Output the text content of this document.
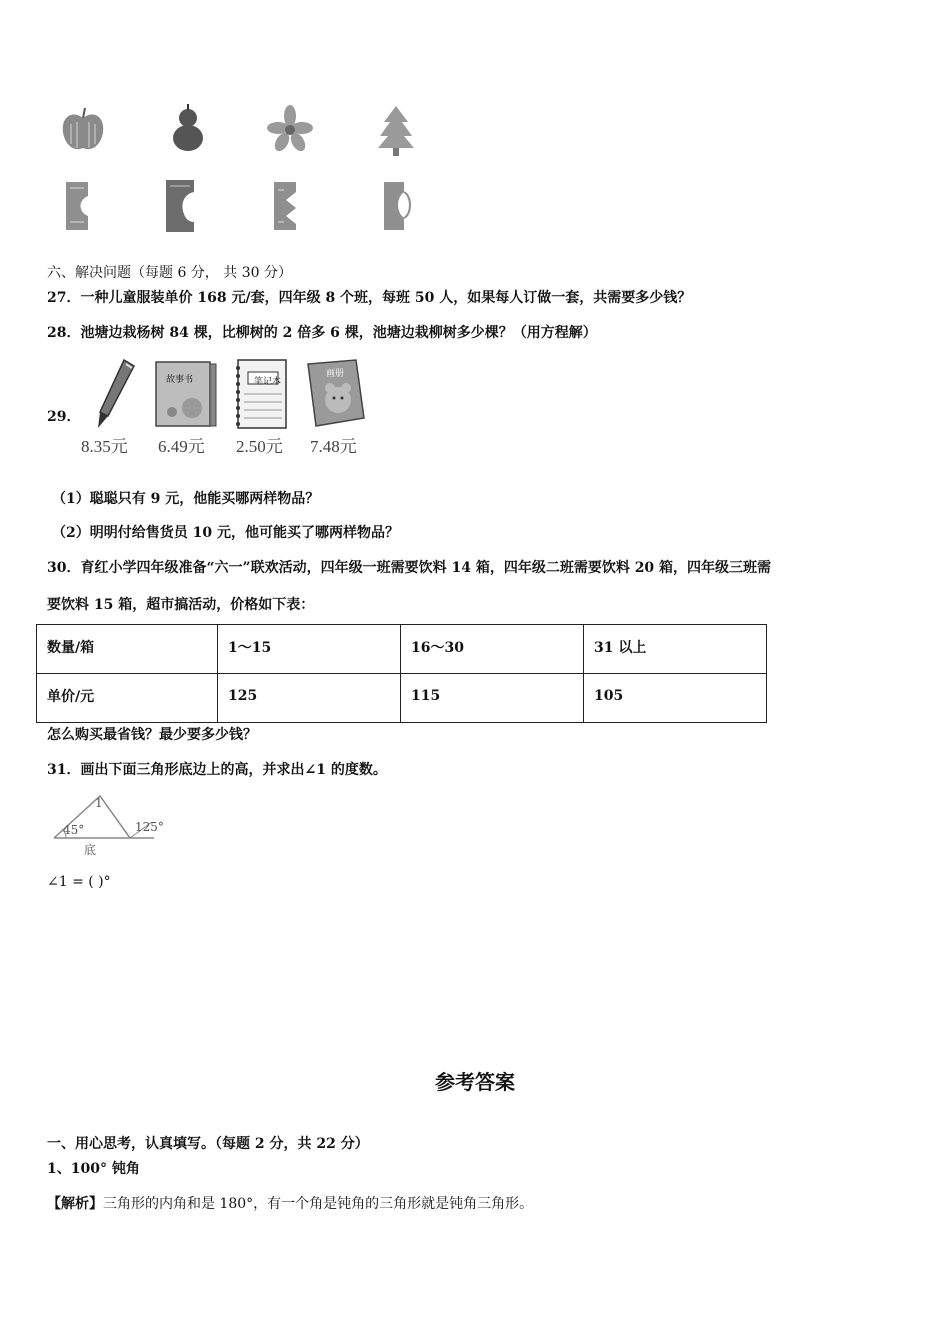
六、解决问题（每题 6 分， 共 30 分）
27．一种儿童服装单价 168 元/套，四年级 8 个班，每班 50 人，如果每人订做一套，共需要多少钱？
28．池塘边栽杨树 84 棵，比柳树的 2 倍多 6 棵，池塘边栽柳树多少棵？（用方程解）
29．
故事书	笔记本
画册
8.35元 6.49元 2.50元 7.48元
（1）聪聪只有 9 元，他能买哪两样物品？
（2）明明付给售货员 10 元，他可能买了哪两样物品？
30．育红小学四年级准备“六一”联欢活动，四年级一班需要饮料 14 箱，四年级二班需要饮料 20 箱，四年级三班需
要饮料 15 箱，超市搞活动，价格如下表：
数量/箱	1～15	16～30	31 以上
单价/元	125	115	105
怎么购买最省钱？最少要多少钱？
31．画出下面三角形底边上的高，并求出∠1 的度数。
1
45°	125°
底
∠1 = ( )°
参考答案
一、用心思考，认真填写。（每题 2 分，共 22 分）
1、100° 钝角
【解析】三角形的内角和是 180°，有一个角是钝角的三角形就是钝角三角形。
